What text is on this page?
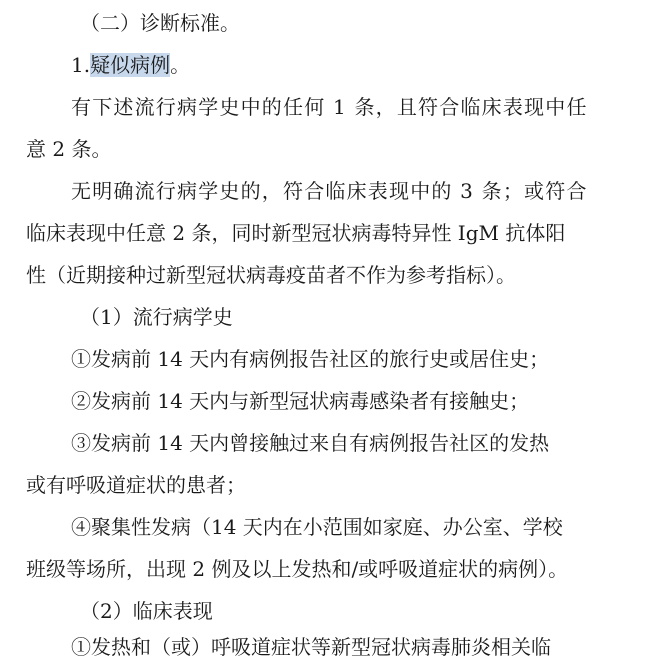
（二）诊断标准。
1.疑似病例。
有下述流行病学史中的任何 1 条，且符合临床表现中任
意 2 条。
无明确流行病学史的，符合临床表现中的 3 条；或符合
临床表现中任意 2 条，同时新型冠状病毒特异性 IgM 抗体阳
性（近期接种过新型冠状病毒疫苗者不作为参考指标）。
（1）流行病学史
①发病前 14 天内有病例报告社区的旅行史或居住史；
②发病前 14 天内与新型冠状病毒感染者有接触史；
③发病前 14 天内曾接触过来自有病例报告社区的发热
或有呼吸道症状的患者；
④聚集性发病（14 天内在小范围如家庭、办公室、学校
班级等场所，出现 2 例及以上发热和/或呼吸道症状的病例）。
（2）临床表现
①发热和（或）呼吸道症状等新型冠状病毒肺炎相关临
